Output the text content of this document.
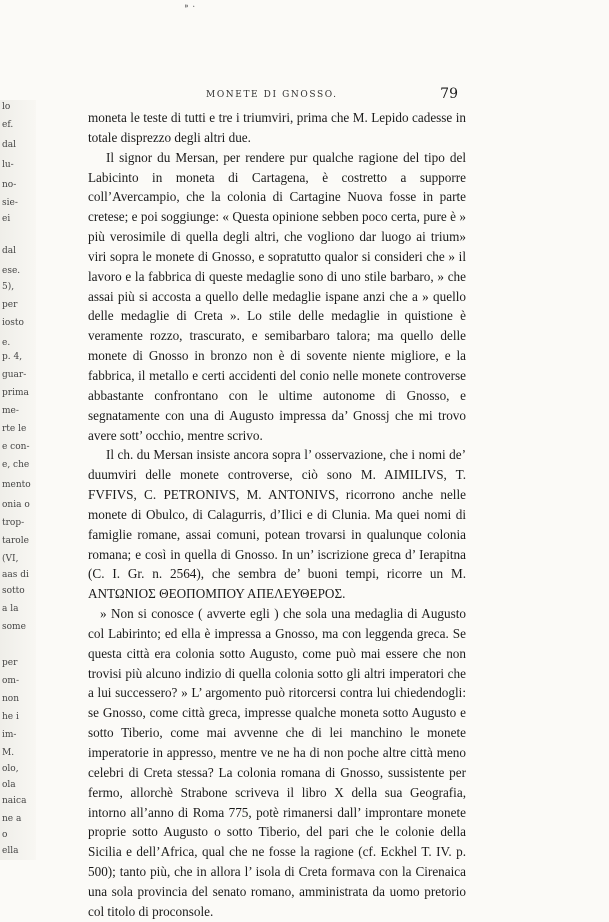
lo
ef.
dal
lu-
no-
sie-
ei
dal
ese.
5),
per
iosto
e.
p. 4,
guar-
prima
me-
rte le
e con-
e, che
mento
onia o
trop-
tarole
(VI,
aas di
sotto
a la
some
per
om-
non
he i
im-
M.
olo,
ola
naica
ne a
o
ella
⁍ ·
MONETE DI GNOSSO.	79

moneta le teste di tutti e tre i triumviri, prima che M. Lepido cadesse in totale disprezzo degli altri due.

Il signor du Mersan, per rendere pur qualche ragione del tipo del Labicinto in moneta di Cartagena, è costretto a supporre coll’Avercampio, che la colonia di Cartagine Nuova fosse in parte cretese; e poi soggiunge: « Questa opinione sebben poco certa, pure è » più verosimile di quella degli altri, che vogliono dar luogo ai trium» viri sopra le monete di Gnosso, e sopratutto qualor si consideri che » il lavoro e la fabbrica di queste medaglie sono di uno stile barbaro, » che assai più si accosta a quello delle medaglie ispane anzi che a » quello delle medaglie di Creta ». Lo stile delle medaglie in quistione è veramente rozzo, trascurato, e semibarbaro talora; ma quello delle monete di Gnosso in bronzo non è di sovente niente migliore, e la fabbrica, il metallo e certi accidenti del conio nelle monete controverse abbastante confrontano con le ultime autonome di Gnosso, e segnatamente con una di Augusto impressa da’ Gnossj che mi trovo avere sott’ occhio, mentre scrivo.

Il ch. du Mersan insiste ancora sopra l’ osservazione, che i nomi de’ duumviri delle monete controverse, ciò sono M. AIMILIVS, T. FVFIVS, C. PETRONIVS, M. ANTONIVS, ricorrono anche nelle monete di Obulco, di Calagurris, d’Ilici e di Clunia. Ma quei nomi di famiglie romane, assai comuni, potean trovarsi in qualunque colonia romana; e così in quella di Gnosso. In un’ iscrizione greca d’ Ierapitna (C. I. Gr. n. 2564), che sembra de’ buoni tempi, ricorre un M. ΑΝΤΩΝΙΟΣ ΘΕΟΠΟΜΠΟΥ ΑΠΕΛΕΥΘΕΡΟΣ.

» Non si conosce ( avverte egli ) che sola una medaglia di Augusto col Labirinto; ed ella è impressa a Gnosso, ma con leggenda greca. Se questa città era colonia sotto Augusto, come può mai essere che non trovisi più alcuno indizio di quella colonia sotto gli altri imperatori che a lui successero? » L’ argomento può ritorcersi contra lui chiedendogli: se Gnosso, come città greca, impresse qualche moneta sotto Augusto e sotto Tiberio, come mai avvenne che di lei manchino le monete imperatorie in appresso, mentre ve ne ha di non poche altre città meno celebri di Creta stessa? La colonia romana di Gnosso, sussistente per fermo, allorchè Strabone scriveva il libro X della sua Geografia, intorno all’anno di Roma 775, potè rimanersi dall’ improntare monete proprie sotto Augusto o sotto Tiberio, del pari che le colonie della Sicilia e dell’Africa, qual che ne fosse la ragione (cf. Eckhel T. IV. p. 500); tanto più, che in allora l’ isola di Creta formava con la Cirenaica una sola provincia del senato romano, amministrata da uomo pretorio col titolo di proconsole.
